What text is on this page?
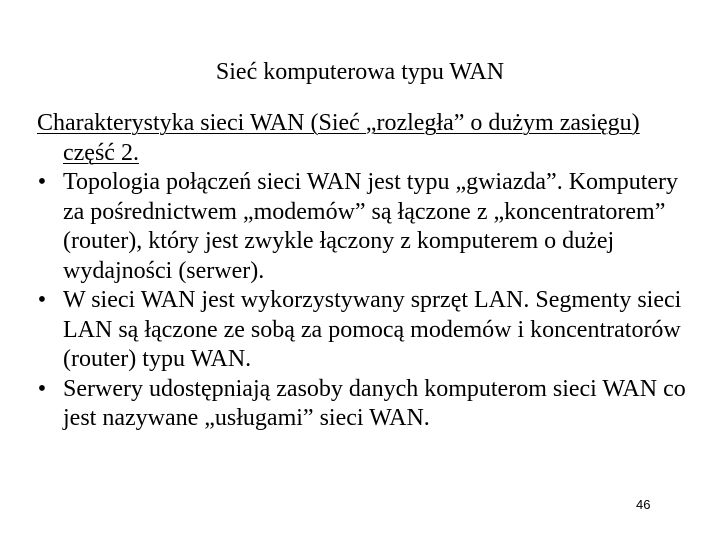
Sieć komputerowa typu WAN

Charakterystyka sieci WAN (Sieć „rozległa” o dużym zasięgu) część 2.

• Topologia połączeń sieci WAN jest typu „gwiazda”. Komputery za pośrednictwem „modemów” są łączone z „koncentratorem” (router), który jest zwykle łączony z komputerem o dużej wydajności (serwer).
• W sieci WAN jest wykorzystywany sprzęt LAN. Segmenty sieci LAN są łączone ze sobą za pomocą modemów i koncentratorów (router) typu WAN.
• Serwery udostępniają zasoby danych komputerom sieci WAN co jest nazywane „usługami” sieci WAN.
46
